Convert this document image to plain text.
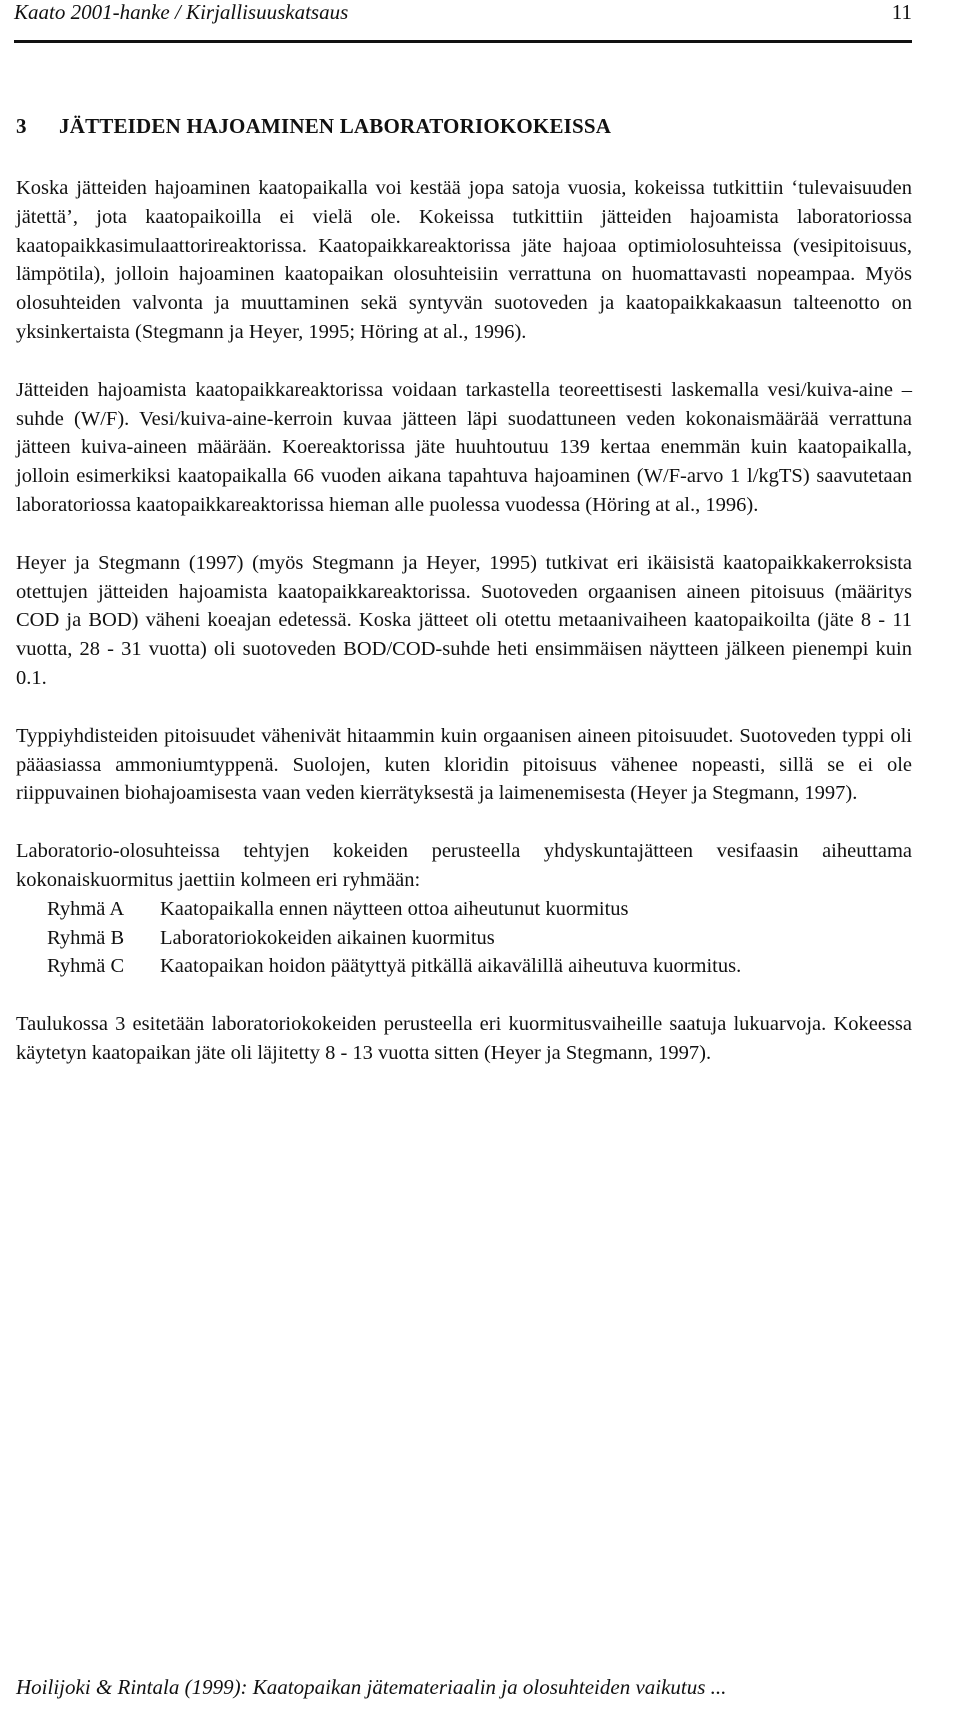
Kaato 2001-hanke / Kirjallisuuskatsaus	11
3 JÄTTEIDEN HAJOAMINEN LABORATORIOKOKEISSA

Koska jätteiden hajoaminen kaatopaikalla voi kestää jopa satoja vuosia, kokeissa tutkittiin ‘tulevaisuuden jätettä’, jota kaatopaikoilla ei vielä ole. Kokeissa tutkittiin jätteiden hajoamista laboratoriossa kaatopaikkasimulaattorireaktorissa. Kaatopaikkareaktorissa jäte hajoaa optimiolosuhteissa (vesipitoisuus, lämpötila), jolloin hajoaminen kaatopaikan olosuhteisiin verrattuna on huomattavasti nopeampaa. Myös olosuhteiden valvonta ja muuttaminen sekä syntyvän suotoveden ja kaatopaikkakaasun talteenotto on yksinkertaista (Stegmann ja Heyer, 1995; Höring at al., 1996).

Jätteiden hajoamista kaatopaikkareaktorissa voidaan tarkastella teoreettisesti laskemalla vesi/kuiva-aine –suhde (W/F). Vesi/kuiva-aine-kerroin kuvaa jätteen läpi suodattuneen veden kokonaismäärää verrattuna jätteen kuiva-aineen määrään. Koereaktorissa jäte huuhtoutuu 139 kertaa enemmän kuin kaatopaikalla, jolloin esimerkiksi kaatopaikalla 66 vuoden aikana tapahtuva hajoaminen (W/F-arvo 1 l/kgTS) saavutetaan laboratoriossa kaatopaikkareaktorissa hieman alle puolessa vuodessa (Höring at al., 1996).

Heyer ja Stegmann (1997) (myös Stegmann ja Heyer, 1995) tutkivat eri ikäisistä kaatopaikkakerroksista otettujen jätteiden hajoamista kaatopaikkareaktorissa. Suotoveden orgaanisen aineen pitoisuus (määritys COD ja BOD) väheni koeajan edetessä. Koska jätteet oli otettu metaanivaiheen kaatopaikoilta (jäte 8 - 11 vuotta, 28 - 31 vuotta) oli suotoveden BOD/COD-suhde heti ensimmäisen näytteen jälkeen pienempi kuin 0.1.

Typpiyhdisteiden pitoisuudet vähenivät hitaammin kuin orgaanisen aineen pitoisuudet. Suotoveden typpi oli pääasiassa ammoniumtyppenä. Suolojen, kuten kloridin pitoisuus vähenee nopeasti, sillä se ei ole riippuvainen biohajoamisesta vaan veden kierrätyksestä ja laimenemisesta (Heyer ja Stegmann, 1997).

Laboratorio-olosuhteissa tehtyjen kokeiden perusteella yhdyskuntajätteen vesifaasin aiheuttama kokonaiskuormitus jaettiin kolmeen eri ryhmään:

Ryhmä A	Kaatopaikalla ennen näytteen ottoa aiheutunut kuormitus
Ryhmä B	Laboratoriokokeiden aikainen kuormitus
Ryhmä C	Kaatopaikan hoidon päätyttyä pitkällä aikavälillä aiheutuva kuormitus.

Taulukossa 3 esitetään laboratoriokokeiden perusteella eri kuormitusvaiheille saatuja lukuarvoja. Kokeessa käytetyn kaatopaikan jäte oli läjitetty 8 - 13 vuotta sitten (Heyer ja Stegmann, 1997).

Hoilijoki & Rintala (1999): Kaatopaikan jätemateriaalin ja olosuhteiden vaikutus ...
